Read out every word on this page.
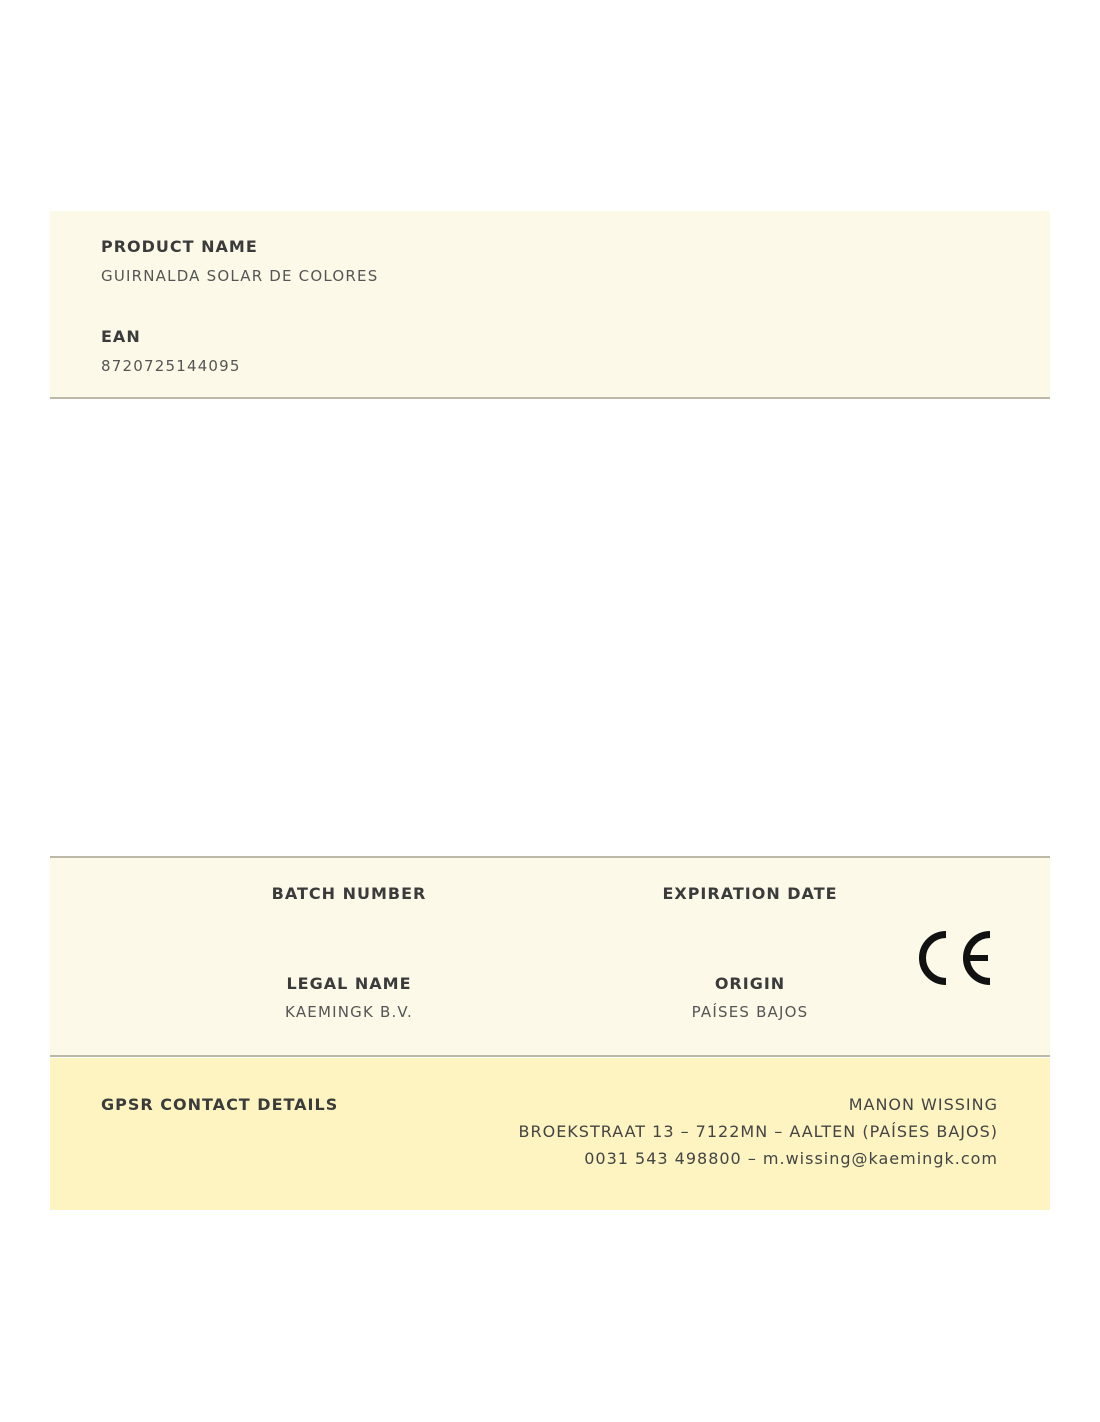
PRODUCT NAME
GUIRNALDA SOLAR DE COLORES
EAN
8720725144095
BATCH NUMBER	EXPIRATION DATE
LEGAL NAME
KAEMINGK B.V.
ORIGIN
PAÍSES BAJOS
GPSR CONTACT DETAILS	MANON WISSING
BROEKSTRAAT 13 – 7122MN – AALTEN (PAÍSES BAJOS)
0031 543 498800 – m.wissing@kaemingk.com
